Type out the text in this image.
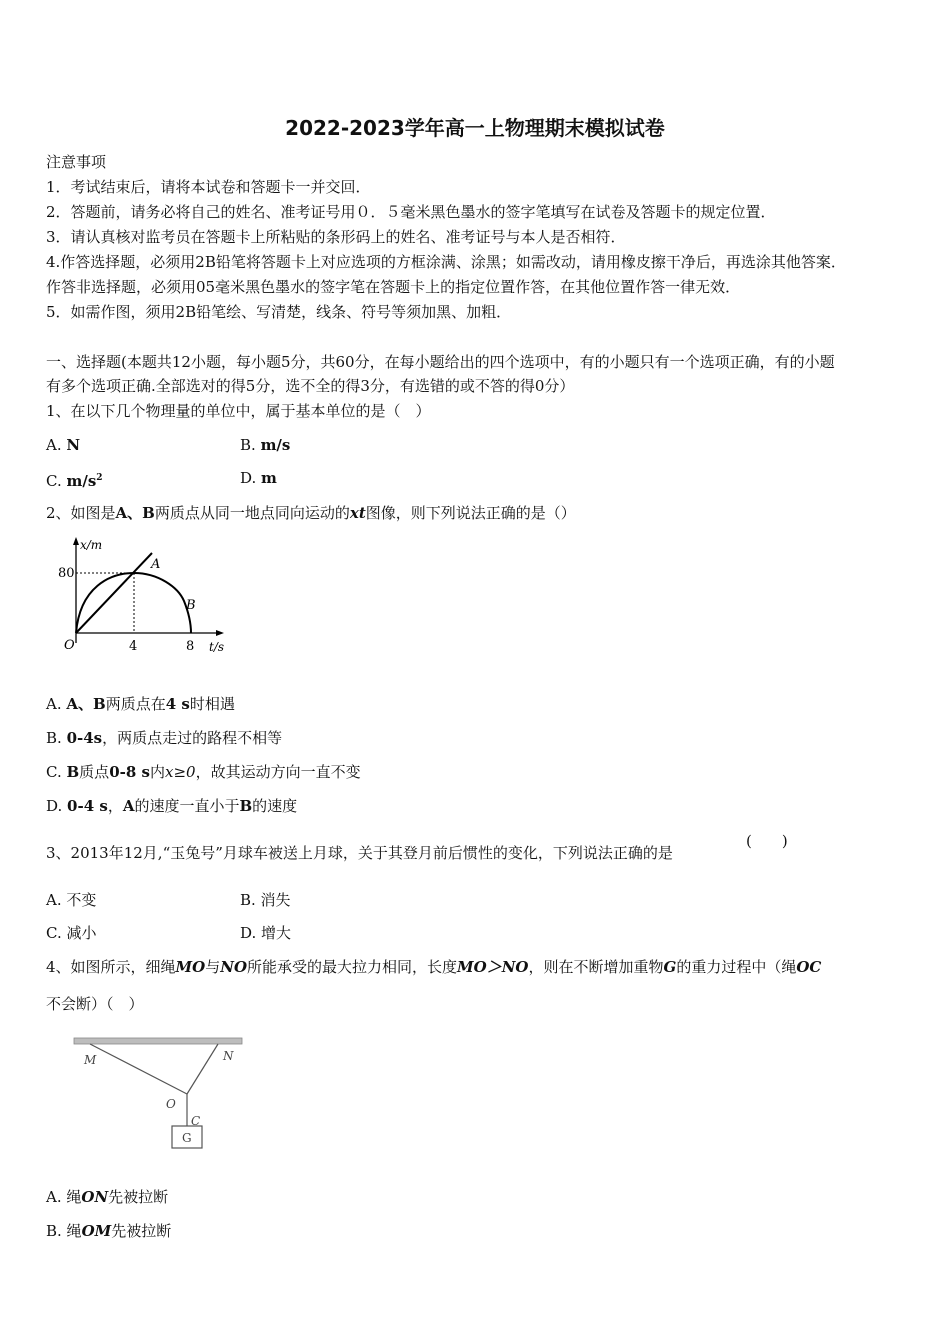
2022-2023学年高一上物理期末模拟试卷
注意事项
1．考试结束后，请将本试卷和答题卡一并交回．
2．答题前，请务必将自己的姓名、准考证号用０．５毫米黑色墨水的签字笔填写在试卷及答题卡的规定位置．
3．请认真核对监考员在答题卡上所粘贴的条形码上的姓名、准考证号与本人是否相符．
4.作答选择题，必须用2B铅笔将答题卡上对应选项的方框涂满、涂黑；如需改动，请用橡皮擦干净后，再选涂其他答案．
作答非选择题，必须用05毫米黑色墨水的签字笔在答题卡上的指定位置作答，在其他位置作答一律无效．
5．如需作图，须用2B铅笔绘、写清楚，线条、符号等须加黑、加粗．
一、选择题(本题共12小题，每小题5分，共60分，在每小题给出的四个选项中，有的小题只有一个选项正确，有的小题
有多个选项正确.全部选对的得5分，选不全的得3分，有选错的或不答的得0分）
1、在以下几个物理量的单位中，属于基本单位的是（　）
A. N	B. m/s
C. $m/s^2$	D. m
2、如图是A、B两质点从同一地点同向运动的xt图像，则下列说法正确的是（）
x/m
80
O	4	8 t/s
A
B
A. A、B两质点在4 s时相遇
B. 0-4s，两质点走过的路程不相等
C. B质点0-8 s内x≥0，故其运动方向一直不变
D. 0-4 s，A的速度一直小于B的速度
3、2013年12月,“玉兔号”月球车被送上月球，关于其登月前后惯性的变化，下列说法正确的是
(　　)
A. 不变	B. 消失
C. 减小	D. 增大
4、如图所示，细绳MO与NO所能承受的最大拉力相同，长度MO＞NO，则在不断增加重物G的重力过程中（绳OC
不会断）（　）
M	N
O
C
G
A. 绳ON先被拉断
B. 绳OM先被拉断
